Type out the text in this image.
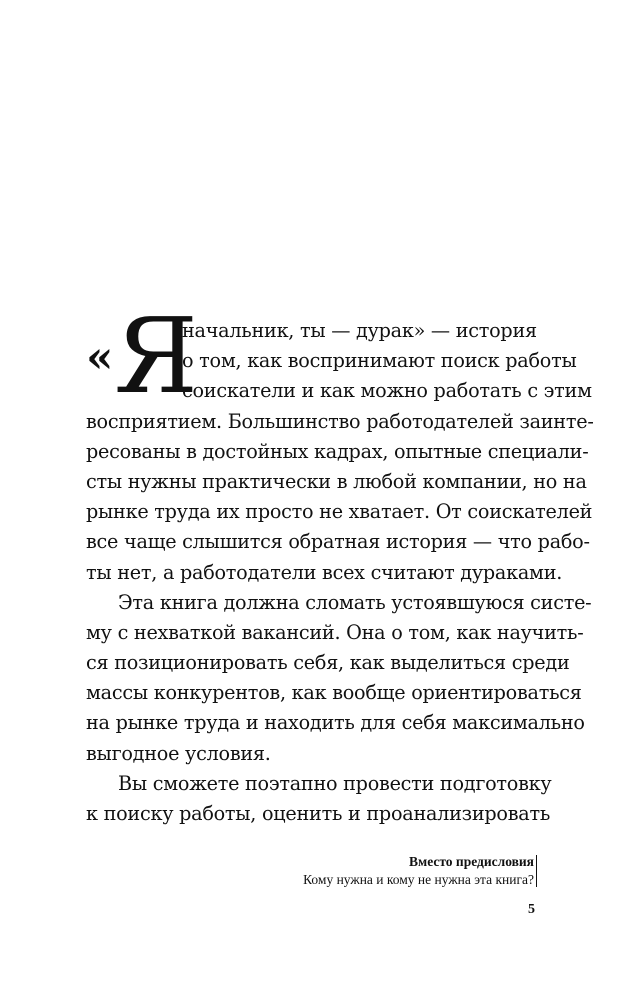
« Я
начальник, ты — дурак» — история
о том, как воспринимают поиск работы
соискатели и как можно работать с этим
восприятием. Большинство работодателей заинте-
ресованы в достойных кадрах, опытные специали-
сты нужны практически в любой компании, но на
рынке труда их просто не хватает. От соискателей
все чаще слышится обратная история — что рабо-
ты нет, а работодатели всех считают дураками.
Эта книга должна сломать устоявшуюся систе-
му с нехваткой вакансий. Она о том, как научить-
ся позиционировать себя, как выделиться среди
массы конкурентов, как вообще ориентироваться
на рынке труда и находить для себя максимально
выгодное условия.
Вы сможете поэтапно провести подготовку
к поиску работы, оценить и проанализировать
Вместо предисловия
Кому нужна и кому не нужна эта книга?
5
